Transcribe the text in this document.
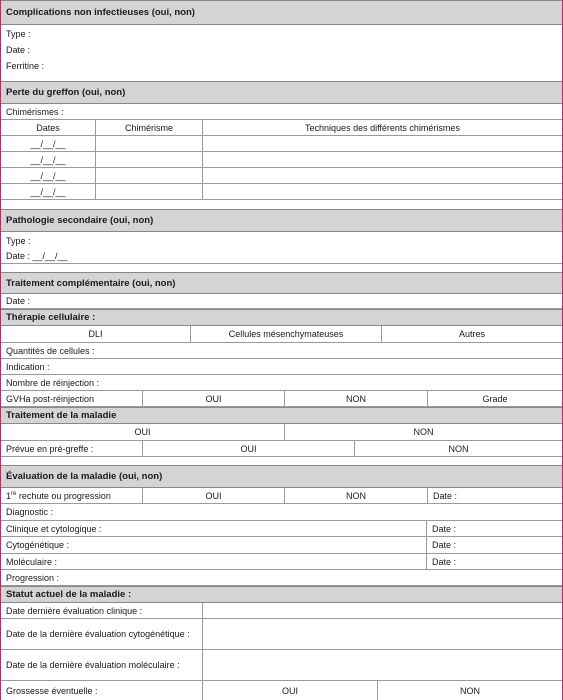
Complications non infectieuses (oui, non)
Type :
Date :
Ferritine :
Perte du greffon (oui, non)
Chimérismes :
Dates	Chimérisme	Techniques des différents chimérismes
__/__/__
__/__/__
__/__/__
__/__/__
Pathologie secondaire (oui, non)
Type :
Date : __/__/__
Traitement complémentaire (oui, non)
Date :
Thérapie cellulaire :
DLI	Cellules mésenchymateuses	Autres
Quantités de cellules :
Indication :
Nombre de réinjection :
GVHa post-réinjection	OUI	NON	Grade
Traitement de la maladie
OUI	NON
Prévue en pré-greffe :	OUI	NON
Évaluation de la maladie (oui, non)
1re rechute ou progression	OUI	NON	Date :
Diagnostic :
Clinique et cytologique :	Date :
Cytogénétique :	Date :
Moléculaire :	Date :
Progression :
Statut actuel de la maladie :
Date dernière évaluation clinique :
Date de la dernière évaluation cytogénétique :
Date de la dernière évaluation moléculaire :
Grossesse éventuelle :	OUI	NON
